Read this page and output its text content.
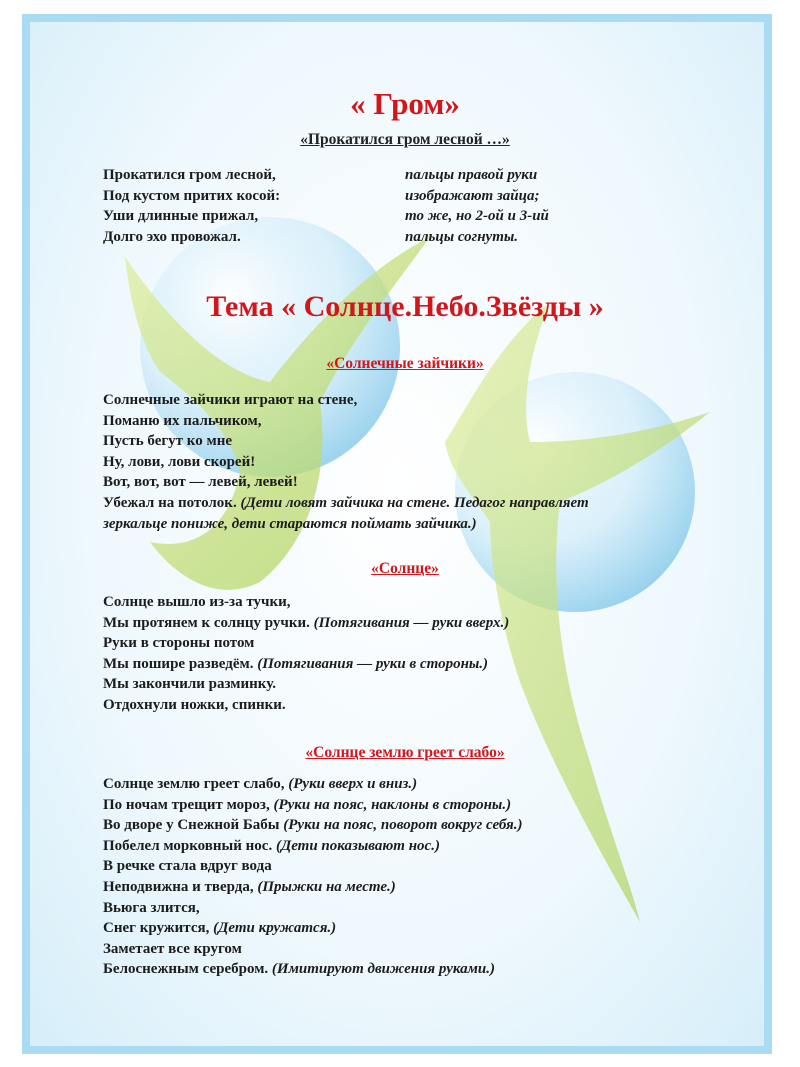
« Гром»
«Прокатился гром лесной …»
Прокатился гром лесной,
Под кустом притих косой:
Уши длинные прижал,
Долго эхо провожал.
пальцы правой руки
изображают зайца;
то же, но 2-ой и 3-ий
пальцы согнуты.
Тема « Солнце.Небо.Звёзды »
«Солнечные зайчики»
Солнечные зайчики играют на стене,
Поманю их пальчиком,
Пусть бегут ко мне
Ну, лови, лови скорей!
Вот, вот, вот — левей, левей!
Убежал на потолок. (Дети ловят зайчика на стене. Педагог направляет
зеркальце пониже, дети стараются поймать зайчика.)
«Солнце»
Солнце вышло из-за тучки,
Мы протянем к солнцу ручки. (Потягивания — руки вверх.)
Руки в стороны потом
Мы пошире разведём. (Потягивания — руки в стороны.)
Мы закончили разминку.
Отдохнули ножки, спинки.
«Солнце землю греет слабо»
Солнце землю греет слабо, (Руки вверх и вниз.)
По ночам трещит мороз, (Руки на пояс, наклоны в стороны.)
Во дворе у Снежной Бабы (Руки на пояс, поворот вокруг себя.)
Побелел морковный нос. (Дети показывают нос.)
В речке стала вдруг вода
Неподвижна и тверда, (Прыжки на месте.)
Вьюга злится,
Снег кружится, (Дети кружатся.)
Заметает все кругом
Белоснежным серебром. (Имитируют движения руками.)
